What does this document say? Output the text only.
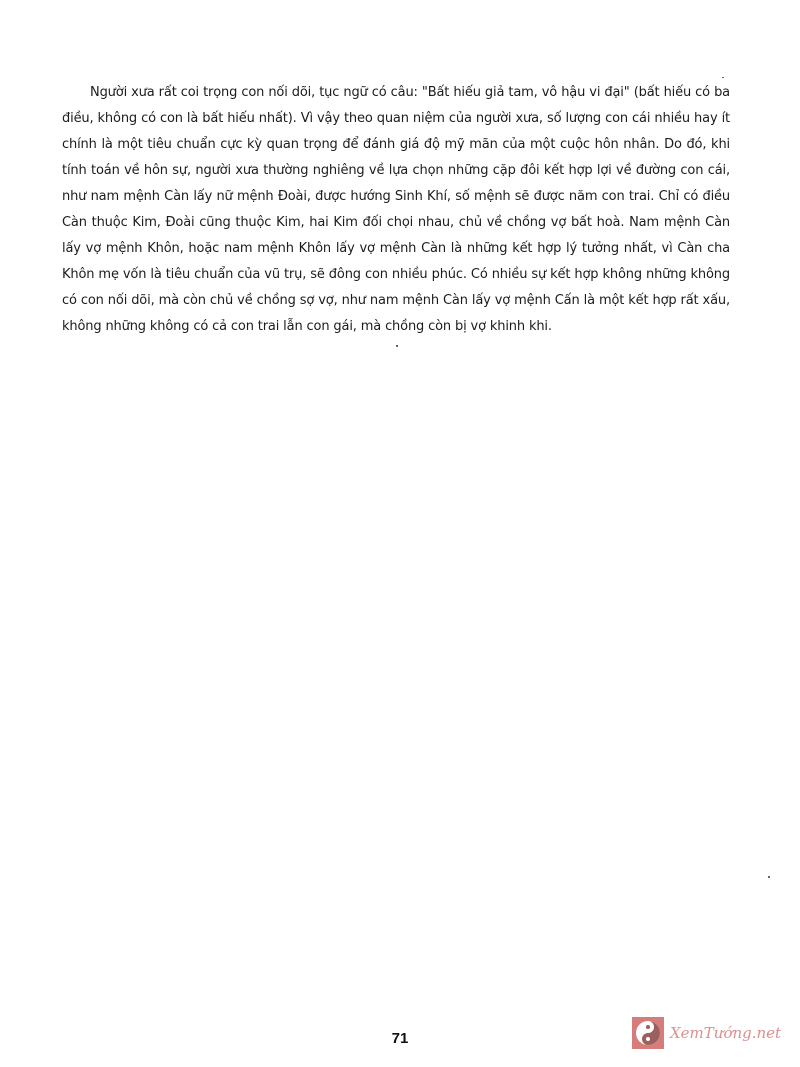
Người xưa rất coi trọng con nối dõi, tục ngữ có câu: "Bất hiếu giả tam, vô hậu vi đại" (bất hiếu có ba điều, không có con là bất hiếu nhất). Vì vậy theo quan niệm của người xưa, số lượng con cái nhiều hay ít chính là một tiêu chuẩn cực kỳ quan trọng để đánh giá độ mỹ mãn của một cuộc hôn nhân. Do đó, khi tính toán về hôn sự, người xưa thường nghiêng về lựa chọn những cặp đôi kết hợp lợi về đường con cái, như nam mệnh Càn lấy nữ mệnh Đoài, được hướng Sinh Khí, số mệnh sẽ được năm con trai. Chỉ có điều Càn thuộc Kim, Đoài cũng thuộc Kim, hai Kim đối chọi nhau, chủ về chồng vợ bất hoà. Nam mệnh Càn lấy vợ mệnh Khôn, hoặc nam mệnh Khôn lấy vợ mệnh Càn là những kết hợp lý tưởng nhất, vì Càn cha Khôn mẹ vốn là tiêu chuẩn của vũ trụ, sẽ đông con nhiều phúc. Có nhiều sự kết hợp không những không có con nối dõi, mà còn chủ về chồng sợ vợ, như nam mệnh Càn lấy vợ mệnh Cấn là một kết hợp rất xấu, không những không có cả con trai lẫn con gái, mà chồng còn bị vợ khinh khi.

71	XemTướng.net
